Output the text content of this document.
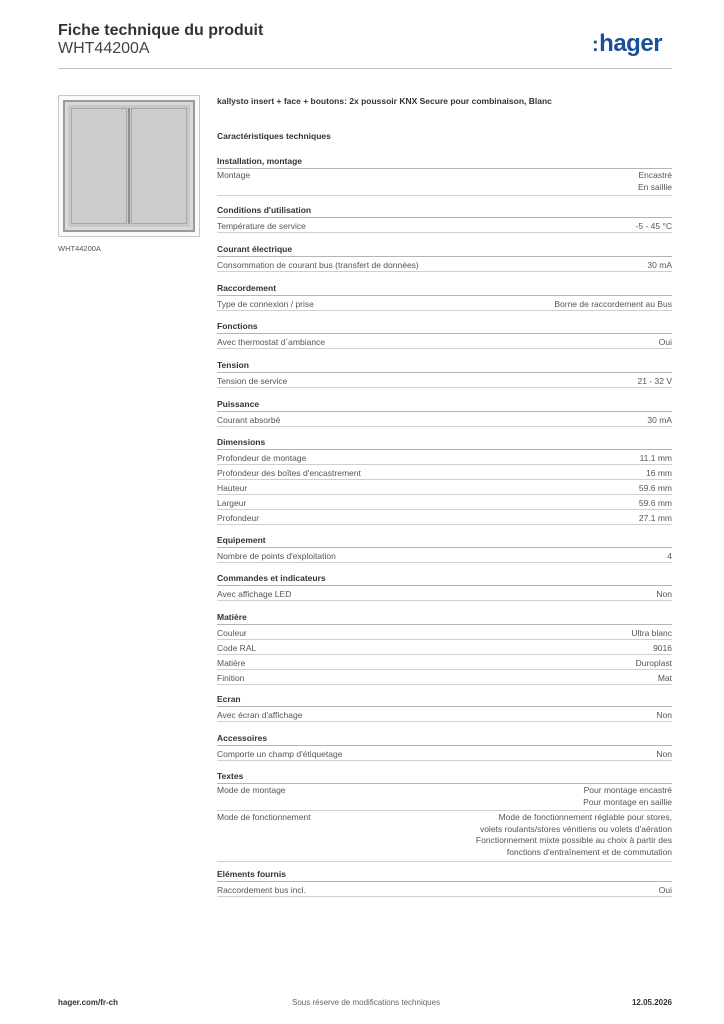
Fiche technique du produit
WHT44200A	:hager
WHT44200A
kallysto insert + face + boutons: 2x poussoir KNX Secure pour combinaison, Blanc
Caractéristiques techniques
Installation, montage
Montage	Encastré
En saillie
Conditions d'utilisation
Température de service	-5 - 45 °C
Courant électrique
Consommation de courant bus (transfert de données)	30 mA
Raccordement
Type de connexion / prise	Borne de raccordement au Bus
Fonctions
Avec thermostat d´ambiance	Oui
Tension
Tension de service	21 - 32 V
Puissance
Courant absorbé	30 mA
Dimensions
Profondeur de montage	11.1 mm
Profondeur des boîtes d'encastrement	16 mm
Hauteur	59.6 mm
Largeur	59.6 mm
Profondeur	27.1 mm
Equipement
Nombre de points d'exploitation	4
Commandes et indicateurs
Avec affichage LED	Non
Matière
Couleur	Ultra blanc
Code RAL	9016
Matière	Duroplast
Finition	Mat
Ecran
Avec écran d'affichage	Non
Accessoires
Comporte un champ d'étiquetage	Non
Textes
Mode de montage	Pour montage encastré
Pour montage en saillie
Mode de fonctionnement	Mode de fonctionnement réglable pour stores,
volets roulants/stores vénitiens ou volets d'aération
Fonctionnement mixte possible au choix à partir des
fonctions d'entraînement et de commutation
Eléments fournis
Raccordement bus incl.	Oui
hager.com/fr-ch	Sous réserve de modifications techniques	12.05.2026
